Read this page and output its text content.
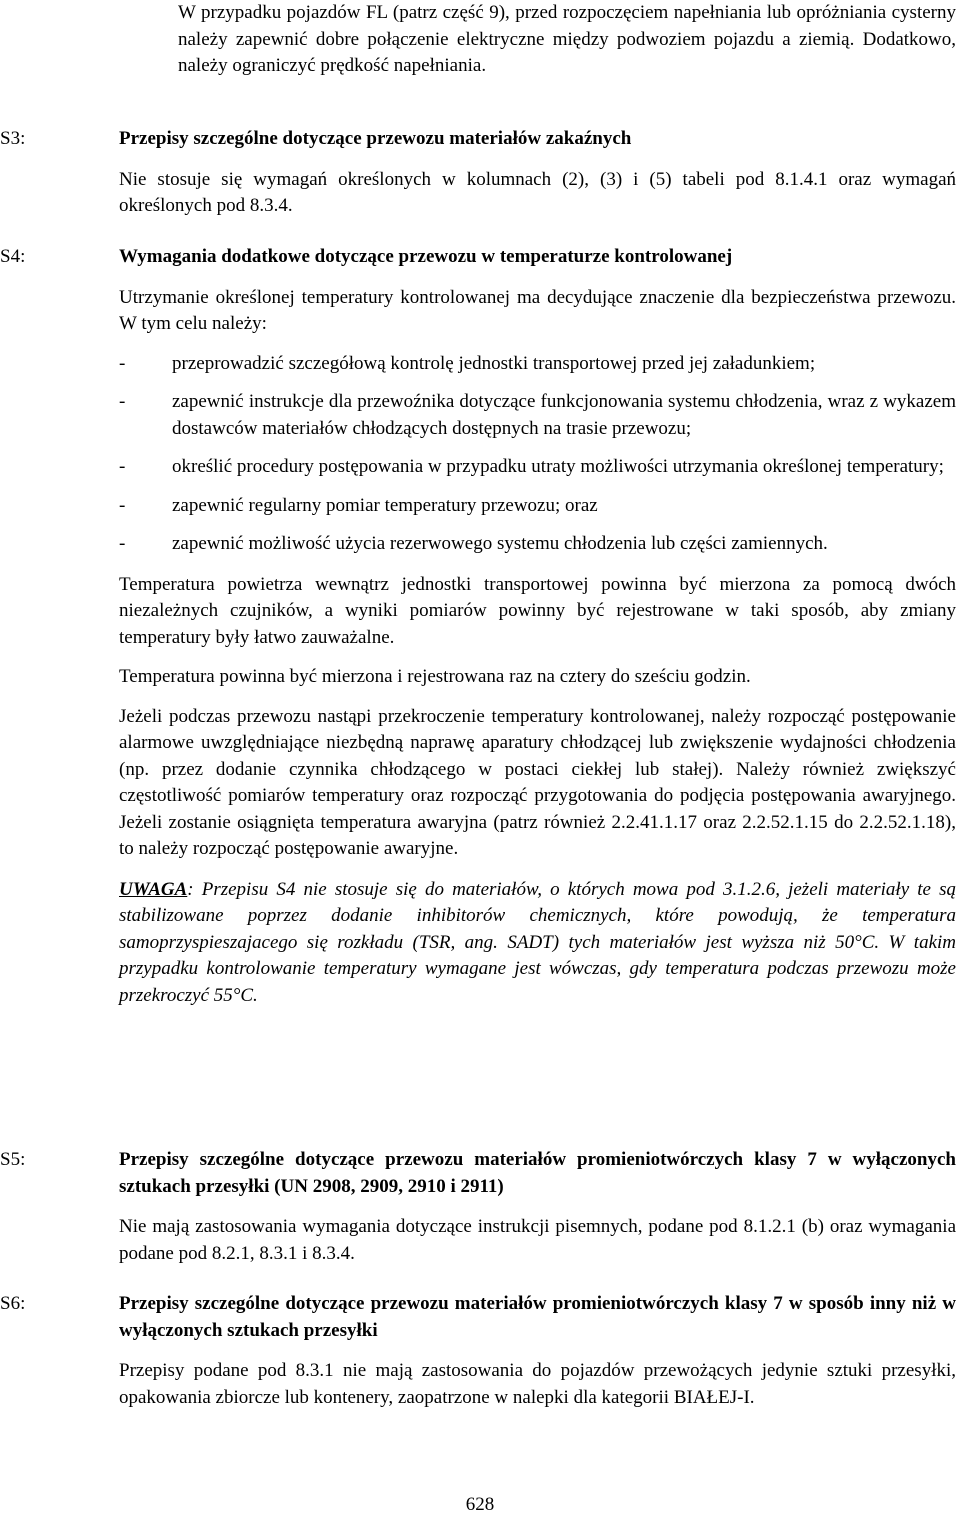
W przypadku pojazdów FL (patrz część 9), przed rozpoczęciem napełniania lub opróżniania cysterny należy zapewnić dobre połączenie elektryczne między podwoziem pojazdu a ziemią. Dodatkowo, należy ograniczyć prędkość napełniania.

S3:	Przepisy szczególne dotyczące przewozu materiałów zakaźnych

Nie stosuje się wymagań określonych w kolumnach (2), (3) i (5) tabeli pod 8.1.4.1 oraz wymagań określonych pod 8.3.4.

S4:	Wymagania dodatkowe dotyczące przewozu w temperaturze kontrolowanej

Utrzymanie określonej temperatury kontrolowanej ma decydujące znaczenie dla bezpieczeństwa przewozu. W tym celu należy:

- przeprowadzić szczegółową kontrolę jednostki transportowej przed jej załadunkiem;
- zapewnić instrukcje dla przewoźnika dotyczące funkcjonowania systemu chłodzenia, wraz z wykazem dostawców materiałów chłodzących dostępnych na trasie przewozu;
- określić procedury postępowania w przypadku utraty możliwości utrzymania określonej temperatury;
- zapewnić regularny pomiar temperatury przewozu; oraz
- zapewnić możliwość użycia rezerwowego systemu chłodzenia lub części zamiennych.

Temperatura powietrza wewnątrz jednostki transportowej powinna być mierzona za pomocą dwóch niezależnych czujników, a wyniki pomiarów powinny być rejestrowane w taki sposób, aby zmiany temperatury były łatwo zauważalne.

Temperatura powinna być mierzona i rejestrowana raz na cztery do sześciu godzin.

Jeżeli podczas przewozu nastąpi przekroczenie temperatury kontrolowanej, należy rozpocząć postępowanie alarmowe uwzględniające niezbędną naprawę aparatury chłodzącej lub zwiększenie wydajności chłodzenia (np. przez dodanie czynnika chłodzącego w postaci ciekłej lub stałej). Należy również zwiększyć częstotliwość pomiarów temperatury oraz rozpocząć przygotowania do podjęcia postępowania awaryjnego. Jeżeli zostanie osiągnięta temperatura awaryjna (patrz również 2.2.41.1.17 oraz 2.2.52.1.15 do 2.2.52.1.18), to należy rozpocząć postępowanie awaryjne.

UWAGA: Przepisu S4 nie stosuje się do materiałów, o których mowa pod 3.1.2.6, jeżeli materiały te są stabilizowane poprzez dodanie inhibitorów chemicznych, które powodują, że temperatura samoprzyspieszajacego się rozkładu (TSR, ang. SADT) tych materiałów jest wyższa niż 50°C. W takim przypadku kontrolowanie temperatury wymagane jest wówczas, gdy temperatura podczas przewozu może przekroczyć 55°C.

S5:	Przepisy szczególne dotyczące przewozu materiałów promieniotwórczych klasy 7 w wyłączonych sztukach przesyłki (UN 2908, 2909, 2910 i 2911)

Nie mają zastosowania wymagania dotyczące instrukcji pisemnych, podane pod 8.1.2.1 (b) oraz wymagania podane pod 8.2.1, 8.3.1 i 8.3.4.

S6:	Przepisy szczególne dotyczące przewozu materiałów promieniotwórczych klasy 7 w sposób inny niż w wyłączonych sztukach przesyłki

Przepisy podane pod 8.3.1 nie mają zastosowania do pojazdów przewożących jedynie sztuki przesyłki, opakowania zbiorcze lub kontenery, zaopatrzone w nalepki dla kategorii BIAŁEJ-I.

628
